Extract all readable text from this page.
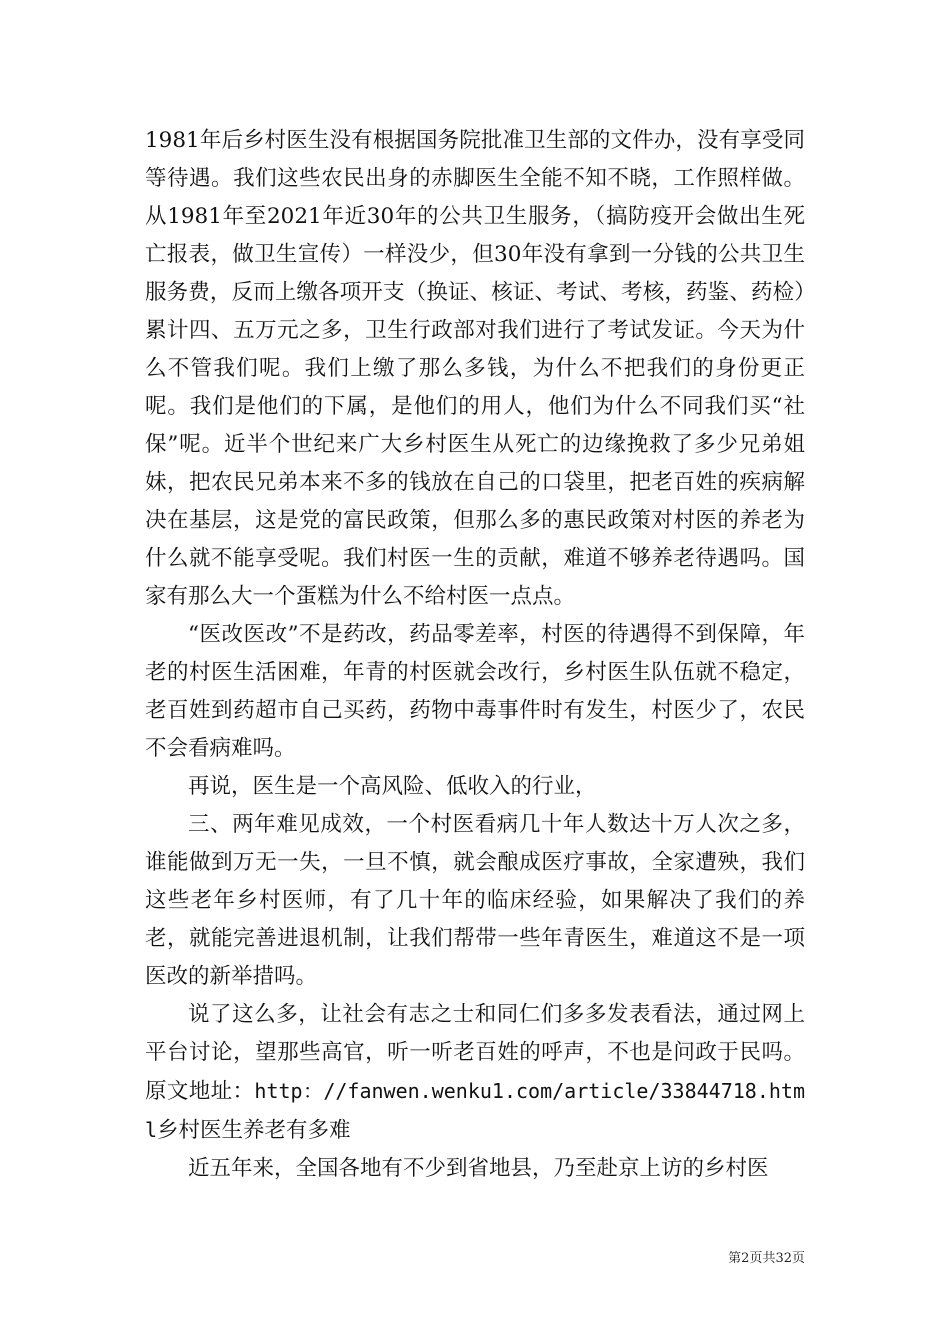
1981年后乡村医生没有根据国务院批准卫生部的文件办，没有享受同等待遇。我们这些农民出身的赤脚医生全能不知不晓，工作照样做。从1981年至2021年近30年的公共卫生服务，（搞防疫开会做出生死亡报表，做卫生宣传）一样没少，但30年没有拿到一分钱的公共卫生服务费，反而上缴各项开支（换证、核证、考试、考核，药鉴、药检）累计四、五万元之多，卫生行政部对我们进行了考试发证。今天为什么不管我们呢。我们上缴了那么多钱，为什么不把我们的身份更正呢。我们是他们的下属，是他们的用人，他们为什么不同我们买“社保”呢。近半个世纪来广大乡村医生从死亡的边缘挽救了多少兄弟姐妹，把农民兄弟本来不多的钱放在自己的口袋里，把老百姓的疾病解决在基层，这是党的富民政策，但那么多的惠民政策对村医的养老为什么就不能享受呢。我们村医一生的贡献，难道不够养老待遇吗。国家有那么大一个蛋糕为什么不给村医一点点。

“医改医改”不是药改，药品零差率，村医的待遇得不到保障，年老的村医生活困难，年青的村医就会改行，乡村医生队伍就不稳定，老百姓到药超市自己买药，药物中毒事件时有发生，村医少了，农民不会看病难吗。

再说，医生是一个高风险、低收入的行业，

三、两年难见成效，一个村医看病几十年人数达十万人次之多，谁能做到万无一失，一旦不慎，就会酿成医疗事故，全家遭殃，我们这些老年乡村医师，有了几十年的临床经验，如果解决了我们的养老，就能完善进退机制，让我们帮带一些年青医生，难道这不是一项医改的新举措吗。

说了这么多，让社会有志之士和同仁们多多发表看法，通过网上平台讨论，望那些高官，听一听老百姓的呼声，不也是问政于民吗。原文地址：http：//fanwen.wenku1.com/article/33844718.html乡村医生养老有多难

近五年来，全国各地有不少到省地县，乃至赴京上访的乡村医

第2页共32页
